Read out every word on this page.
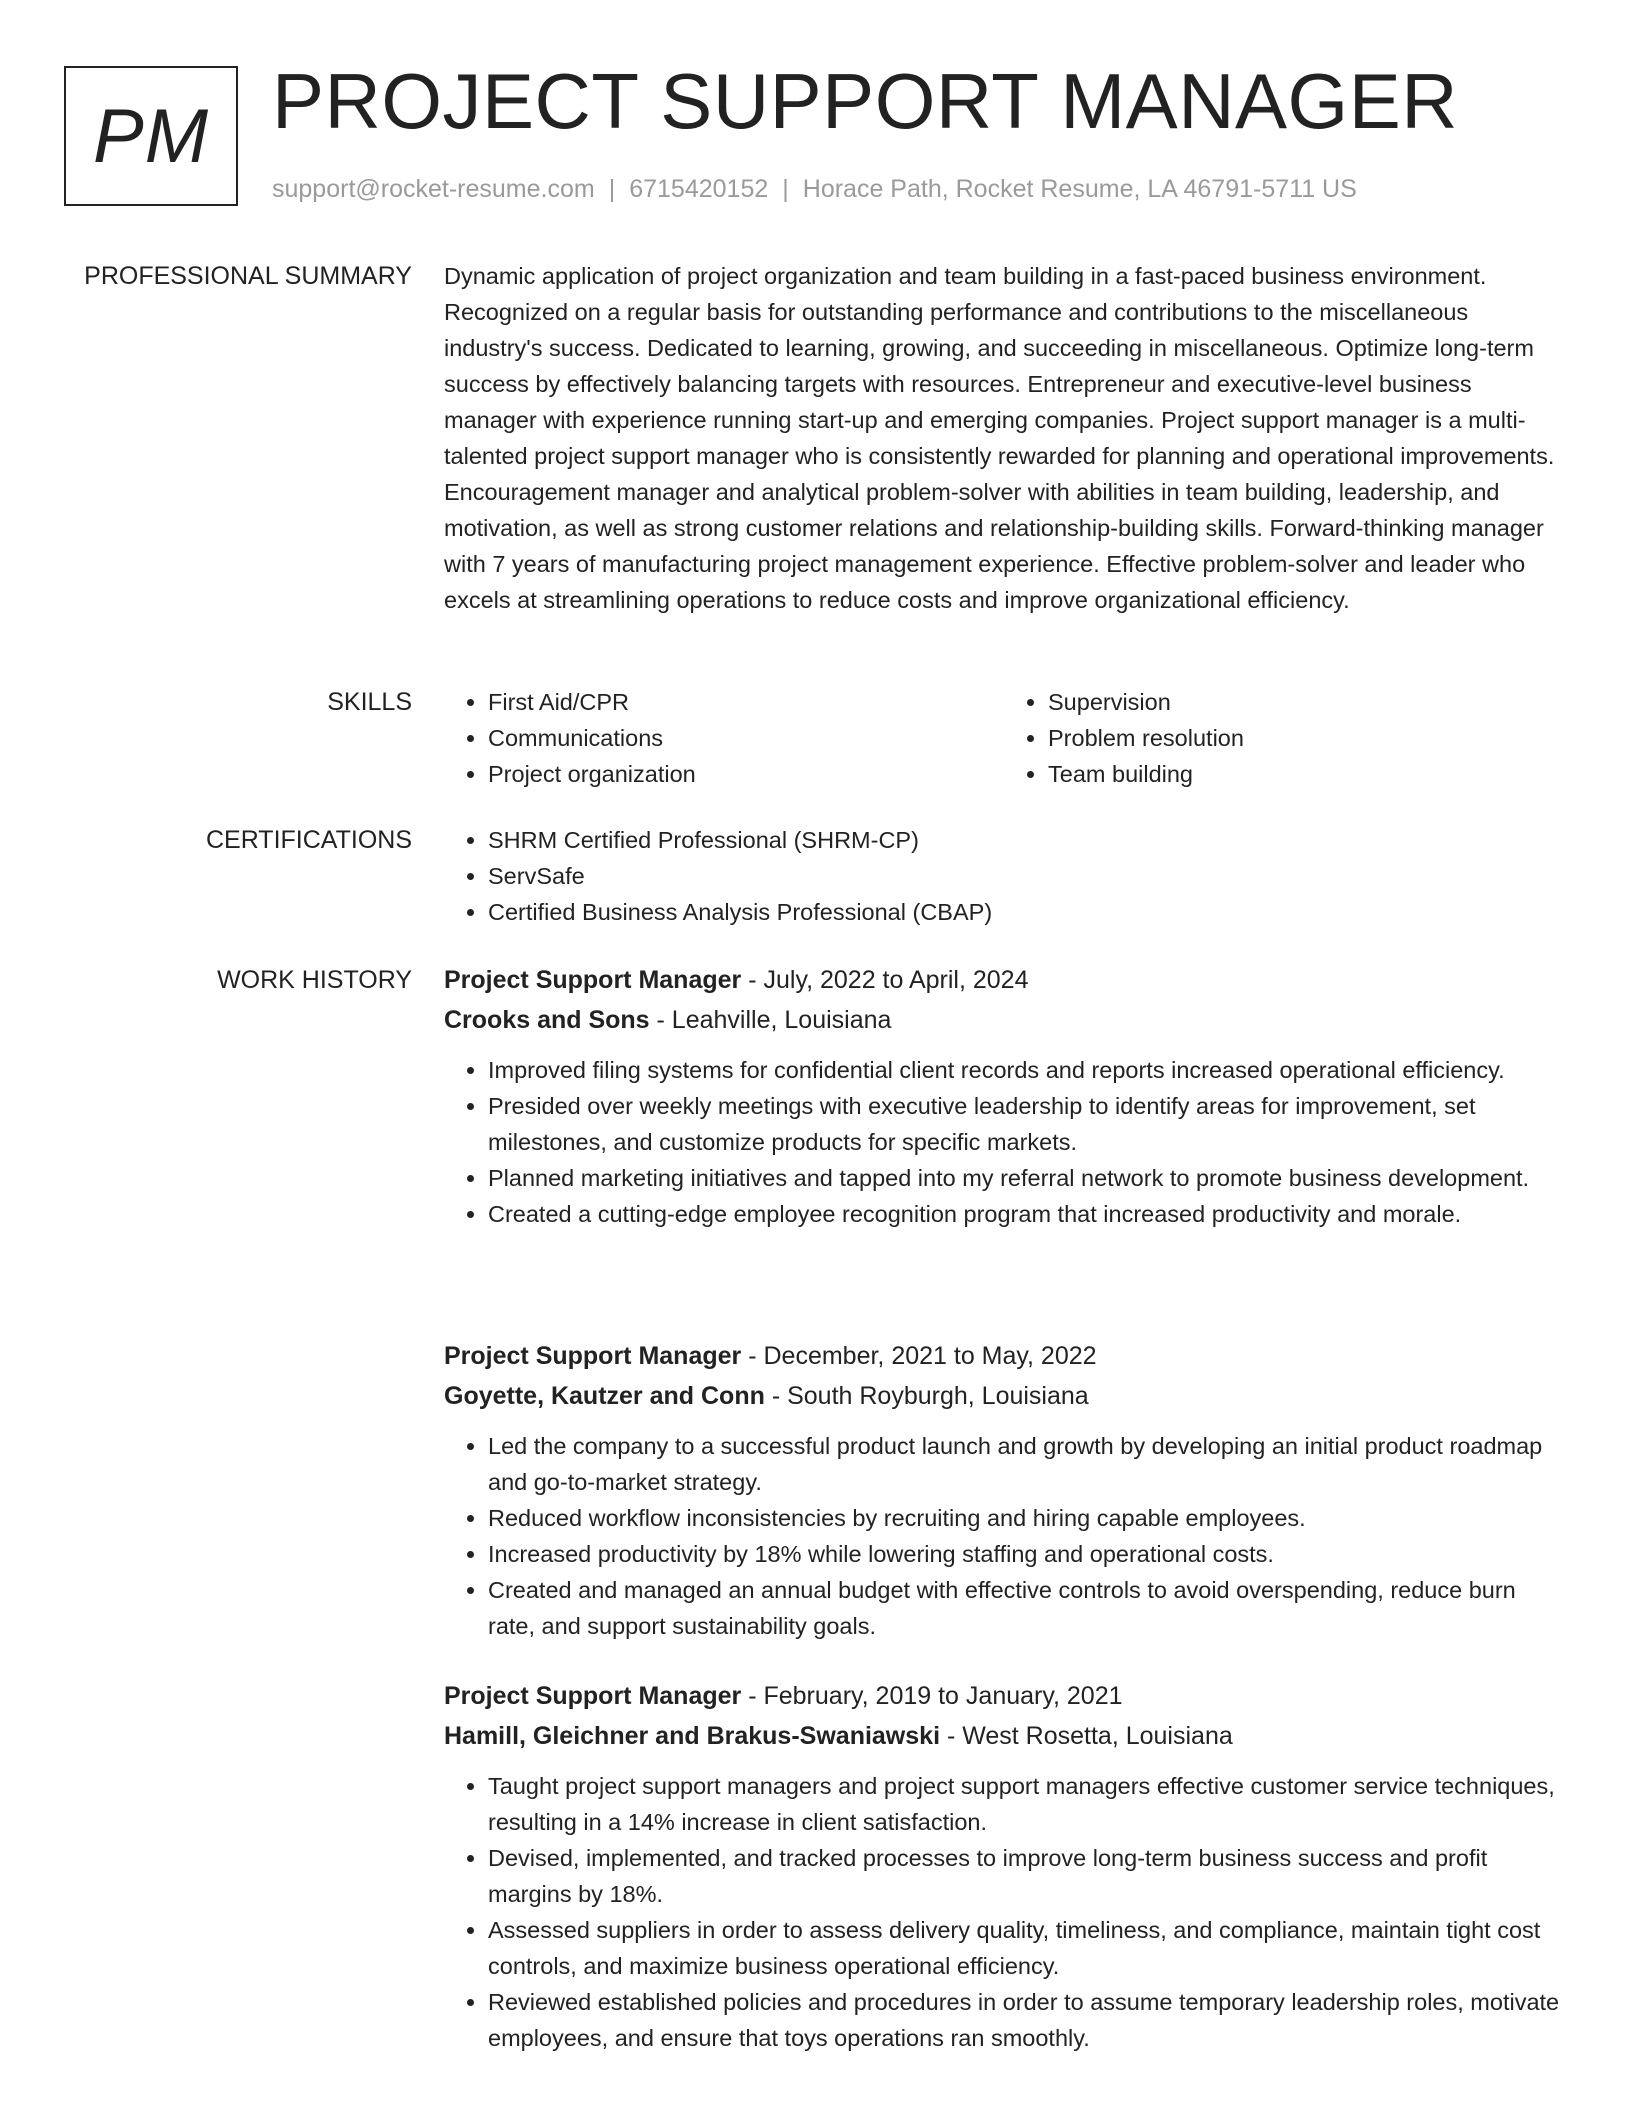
PM PROJECT SUPPORT MANAGER
support@rocket-resume.com | 6715420152 | Horace Path, Rocket Resume, LA 46791-5711 US
PROFESSIONAL SUMMARY Dynamic application of project organization and team building in a fast-paced business environment. Recognized on a regular basis for outstanding performance and contributions to the miscellaneous industry's success. Dedicated to learning, growing, and succeeding in miscellaneous. Optimize long-term success by effectively balancing targets with resources. Entrepreneur and executive-level business manager with experience running start-up and emerging companies. Project support manager is a multi-talented project support manager who is consistently rewarded for planning and operational improvements. Encouragement manager and analytical problem-solver with abilities in team building, leadership, and motivation, as well as strong customer relations and relationship-building skills. Forward-thinking manager with 7 years of manufacturing project management experience. Effective problem-solver and leader who excels at streamlining operations to reduce costs and improve organizational efficiency.

SKILLS	• First Aid/CPR
• Communications
• Project organization
• Supervision
• Problem resolution
• Team building
CERTIFICATIONS	• SHRM Certified Professional (SHRM-CP)
• ServSafe
• Certified Business Analysis Professional (CBAP)
WORK HISTORY Project Support Manager - July, 2022 to April, 2024
Crooks and Sons - Leahville, Louisiana
• Improved filing systems for confidential client records and reports increased operational efficiency.
• Presided over weekly meetings with executive leadership to identify areas for improvement, set milestones, and customize products for specific markets.
• Planned marketing initiatives and tapped into my referral network to promote business development.
• Created a cutting-edge employee recognition program that increased productivity and morale.
Project Support Manager - December, 2021 to May, 2022
Goyette, Kautzer and Conn - South Royburgh, Louisiana
• Led the company to a successful product launch and growth by developing an initial product roadmap and go-to-market strategy.
• Reduced workflow inconsistencies by recruiting and hiring capable employees.
• Increased productivity by 18% while lowering staffing and operational costs.
• Created and managed an annual budget with effective controls to avoid overspending, reduce burn rate, and support sustainability goals.
Project Support Manager - February, 2019 to January, 2021
Hamill, Gleichner and Brakus-Swaniawski - West Rosetta, Louisiana
• Taught project support managers and project support managers effective customer service techniques, resulting in a 14% increase in client satisfaction.
• Devised, implemented, and tracked processes to improve long-term business success and profit margins by 18%.
• Assessed suppliers in order to assess delivery quality, timeliness, and compliance, maintain tight cost controls, and maximize business operational efficiency.
• Reviewed established policies and procedures in order to assume temporary leadership roles, motivate employees, and ensure that toys operations ran smoothly.
